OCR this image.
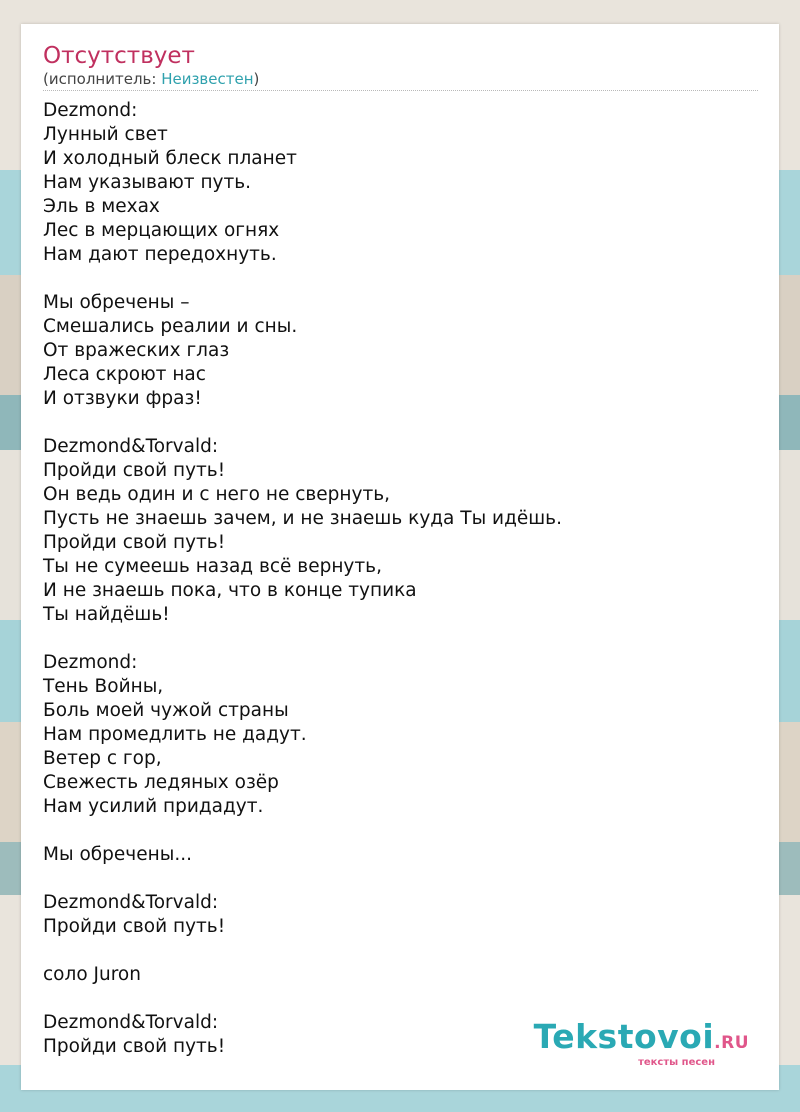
Отсутствует
(исполнитель: Неизвестен)
Dezmond:
Лунный свет
И холодный блеск планет
Нам указывают путь.
Эль в мехах
Лес в мерцающих огнях
Нам дают передохнуть.
Мы обречены –
Смешались реалии и сны.
От вражеских глаз
Леса скроют нас
И отзвуки фраз!
Dezmond&Torvald:
Пройди свой путь!
Он ведь один и с него не свернуть,
Пусть не знаешь зачем, и не знаешь куда Ты идёшь.
Пройди свой путь!
Ты не сумеешь назад всё вернуть,
И не знаешь пока, что в конце тупика
Ты найдёшь!
Dezmond:
Тень Войны,
Боль моей чужой страны
Нам промедлить не дадут.
Ветер с гор,
Свежесть ледяных озёр
Нам усилий придадут.
Мы обречены...
Dezmond&Torvald:
Пройди свой путь!
соло Juron
Dezmond&Torvald:
Пройди свой путь!	Tekstovoi.RU
тексты песен
